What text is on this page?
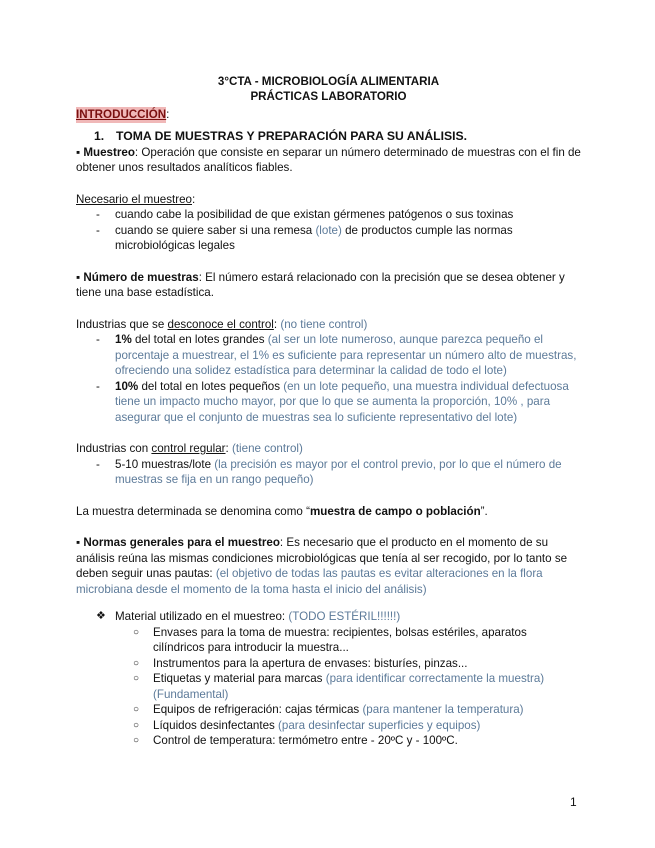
3°CTA - MICROBIOLOGÍA ALIMENTARIA
PRÁCTICAS LABORATORIO
INTRODUCCIÓN:
1. TOMA DE MUESTRAS Y PREPARACIÓN PARA SU ANÁLISIS.

▪ Muestreo: Operación que consiste en separar un número determinado de muestras con el fin de obtener unos resultados analíticos fiables.

Necesario el muestreo:

- cuando cabe la posibilidad de que existan gérmenes patógenos o sus toxinas
- cuando se quiere saber si una remesa (lote) de productos cumple las normas microbiológicas legales

▪ Número de muestras: El número estará relacionado con la precisión que se desea obtener y tiene una base estadística.

Industrias que se desconoce el control: (no tiene control)

- 1% del total en lotes grandes (al ser un lote numeroso, aunque parezca pequeño el porcentaje a muestrear, el 1% es suficiente para representar un número alto de muestras, ofreciendo una solidez estadística para determinar la calidad de todo el lote)
- 10% del total en lotes pequeños (en un lote pequeño, una muestra individual defectuosa tiene un impacto mucho mayor, por que lo que se aumenta la proporción, 10% , para asegurar que el conjunto de muestras sea lo suficiente representativo del lote)

Industrias con control regular: (tiene control)

- 5-10 muestras/lote (la precisión es mayor por el control previo, por lo que el número de muestras se fija en un rango pequeño)

La muestra determinada se denomina como “muestra de campo o población”.

▪ Normas generales para el muestreo: Es necesario que el producto en el momento de su análisis reúna las mismas condiciones microbiológicas que tenía al ser recogido, por lo tanto se deben seguir unas pautas: (el objetivo de todas las pautas es evitar alteraciones en la flora microbiana desde el momento de la toma hasta el inicio del análisis)

❖ Material utilizado en el muestreo: (TODO ESTÉRIL!!!!!!)
○ Envases para la toma de muestra: recipientes, bolsas estériles, aparatos cilíndricos para introducir la muestra...
○ Instrumentos para la apertura de envases: bisturíes, pinzas...
○ Etiquetas y material para marcas (para identificar correctamente la muestra) (Fundamental)
○ Equipos de refrigeración: cajas térmicas (para mantener la temperatura)
○ Líquidos desinfectantes (para desinfectar superficies y equipos)
○ Control de temperatura: termómetro entre - 20ºC y - 100ºC.
1
